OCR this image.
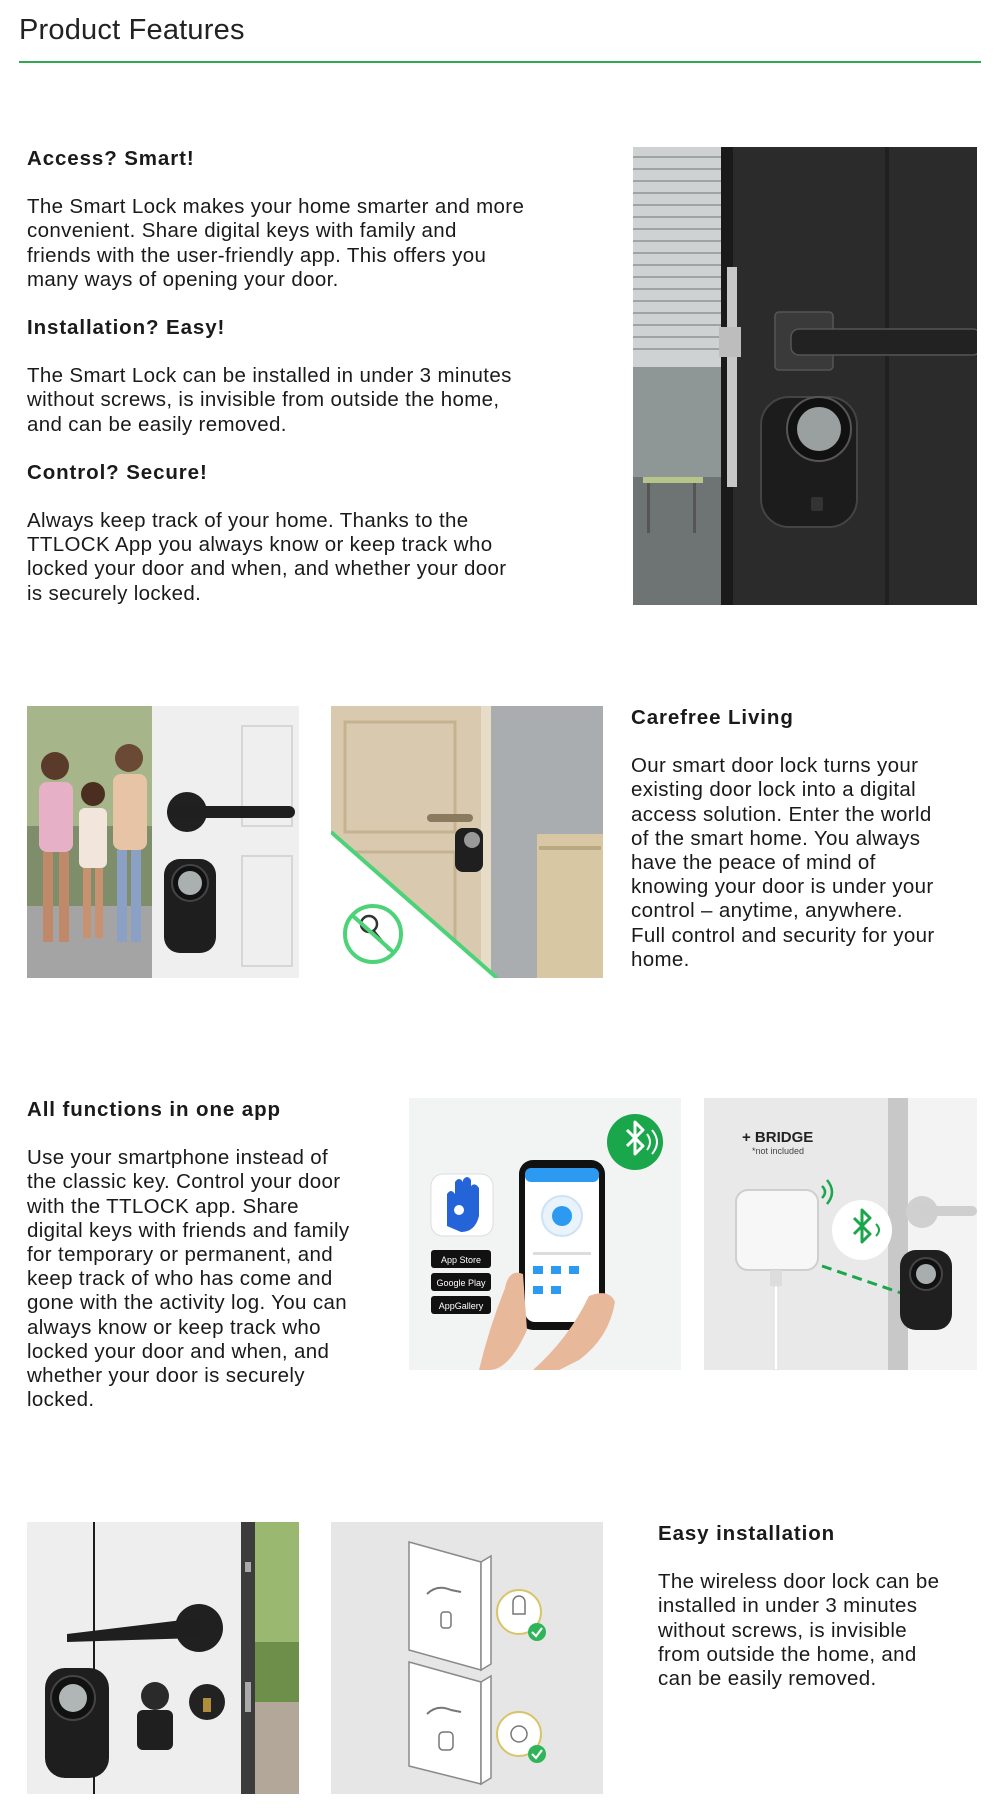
Product Features
Access? Smart!

The Smart Lock makes your home smarter and more

convenient. Share digital keys with family and

friends with the user-friendly app. This offers you

many ways of opening your door.

Installation? Easy!

The Smart Lock can be installed in under 3 minutes

without screws, is invisible from outside the home,

and can be easily removed.

Control? Secure!

Always keep track of your home. Thanks to the

TTLOCK App you always know or keep track who

locked your door and when, and whether your door

is securely locked.

Carefree Living

Our smart door lock turns your

existing door lock into a digital

access solution. Enter the world

of the smart home. You always

have the peace of mind of

knowing your door is under your

control – anytime, anywhere.

Full control and security for your

home.

All functions in one app

Use your smartphone instead of

the classic key. Control your door

with the TTLOCK app. Share

digital keys with friends and family

for temporary or permanent, and

keep track of who has come and

gone with the activity log. You can

always know or keep track who

locked your door and when, and

whether your door is securely

locked.

App Store
Google Play
AppGallery
+ BRIDGE
*not included
Easy installation

The wireless door lock can be

installed in under 3 minutes

without screws, is invisible

from outside the home, and

can be easily removed.
